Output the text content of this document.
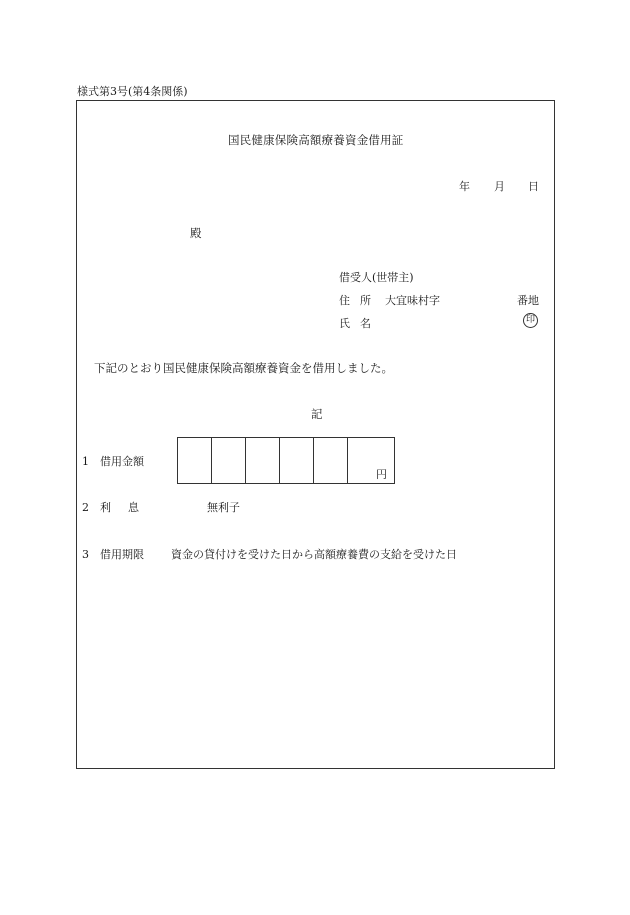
様式第3号(第4条関係)
国民健康保険高額療養資金借用証
年 月 日
殿
借受人(世帯主)
住所 大宜味村字	番地
氏名	印
下記のとおり国民健康保険高額療養資金を借用しました。
記
1 借用金額
円
2 利息	無利子
3 借用期限 資金の貸付けを受けた日から高額療養費の支給を受けた日
